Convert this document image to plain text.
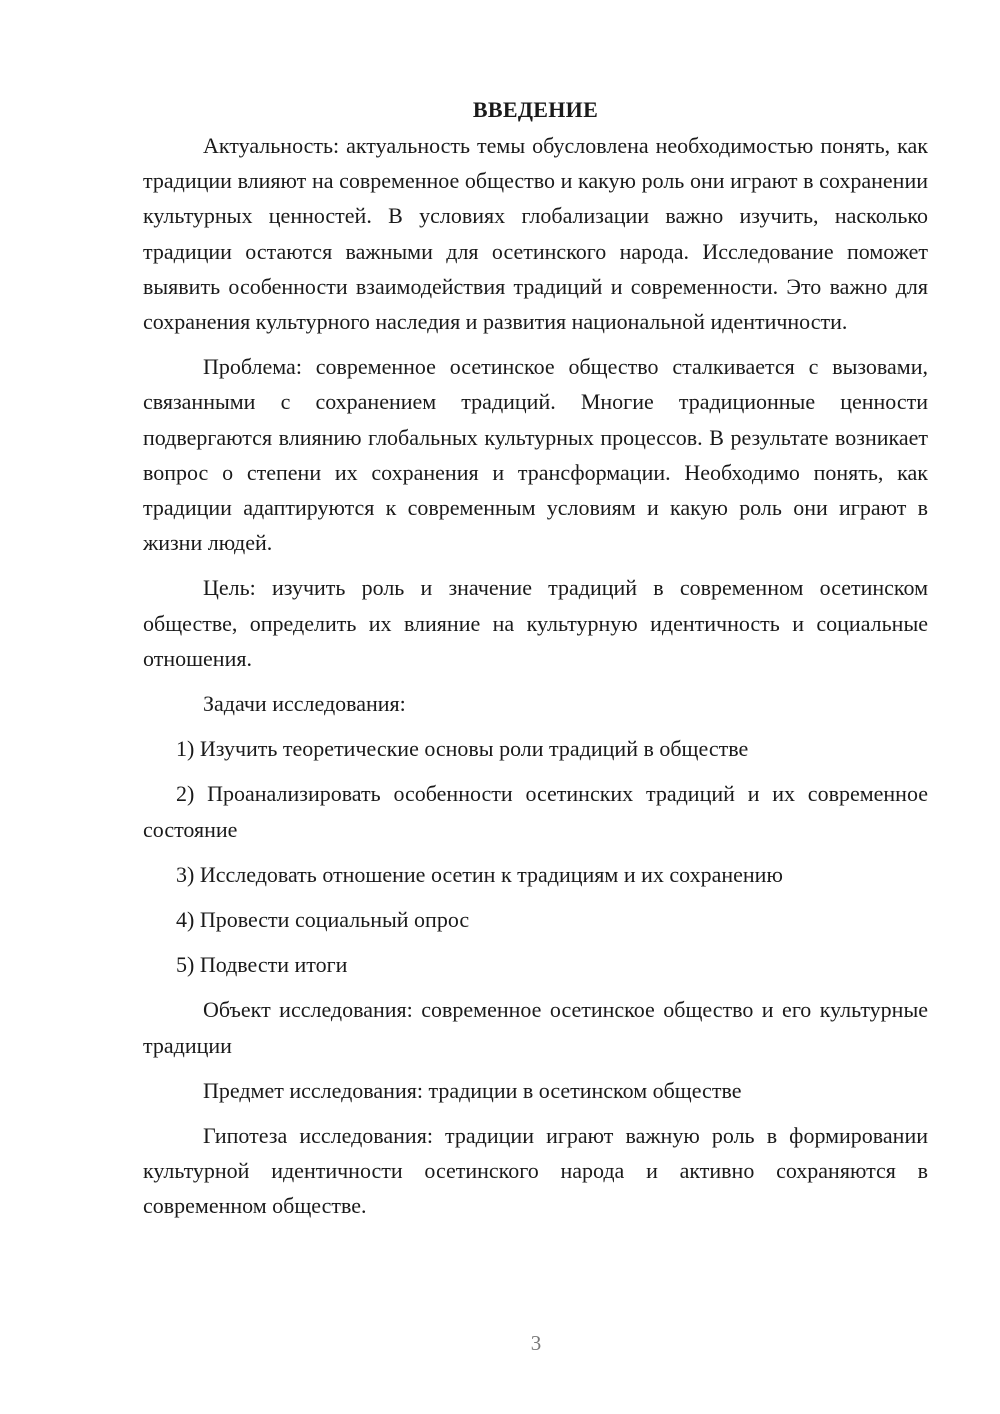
ВВЕДЕНИЕ

Актуальность: актуальность темы обусловлена необходимостью понять, как традиции влияют на современное общество и какую роль они играют в сохранении культурных ценностей. В условиях глобализации важно изучить, насколько традиции остаются важными для осетинского народа. Исследование поможет выявить особенности взаимодействия традиций и современности. Это важно для сохранения культурного наследия и развития национальной идентичности.

Проблема: современное осетинское общество сталкивается с вызовами, связанными с сохранением традиций. Многие традиционные ценности подвергаются влиянию глобальных культурных процессов. В результате возникает вопрос о степени их сохранения и трансформации. Необходимо понять, как традиции адаптируются к современным условиям и какую роль они играют в жизни людей.

Цель: изучить роль и значение традиций в современном осетинском обществе, определить их влияние на культурную идентичность и социальные отношения.

Задачи исследования:

1) Изучить теоретические основы роли традиций в обществе

2) Проанализировать особенности осетинских традиций и их современное состояние

3) Исследовать отношение осетин к традициям и их сохранению

4) Провести социальный опрос

5) Подвести итоги

Объект исследования: современное осетинское общество и его культурные традиции

Предмет исследования: традиции в осетинском обществе

Гипотеза исследования: традиции играют важную роль в формировании культурной идентичности осетинского народа и активно сохраняются в современном обществе.

3
